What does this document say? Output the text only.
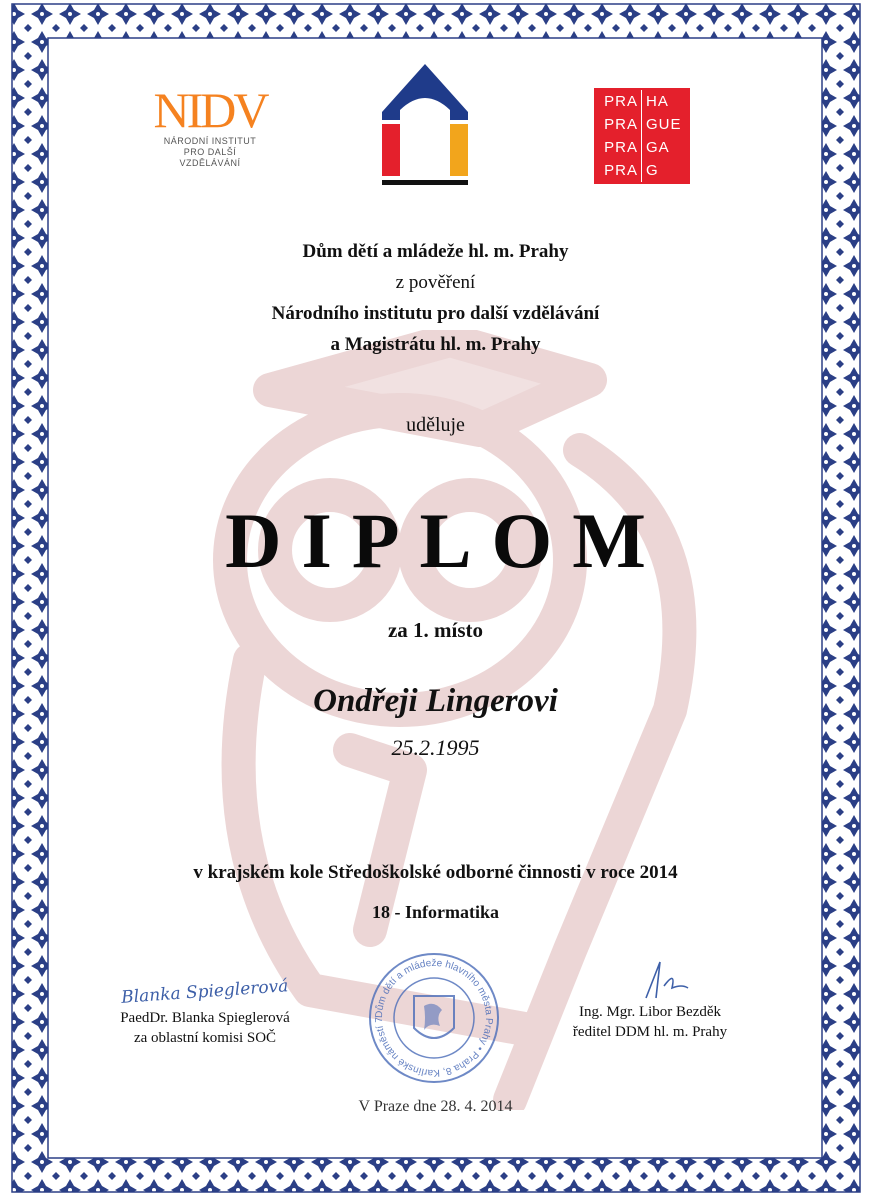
NIDV
NÁRODNÍ INSTITUT
PRO DALŠÍ
VZDĚLÁVÁNÍ
PRA HA
PRA GUE
PRA GA
PRA G
Dům dětí a mládeže hl. m. Prahy
z pověření
Národního institutu pro další vzdělávání
a Magistrátu hl. m. Prahy
uděluje
DIPLOM
za 1. místo
Ondřeji Lingerovi
25.2.1995
v krajském kole Středoškolské odborné činnosti v roce 2014
18 - Informatika
Blanka Spieglerová
PaedDr. Blanka Spieglerová
za oblastní komisi SOČ
Dům dětí a mládeže hlavního města Prahy • Praha 8, Karlínské náměstí 7	Ing. Mgr. Libor Bezděk
ředitel DDM hl. m. Prahy
V Praze dne 28. 4. 2014
